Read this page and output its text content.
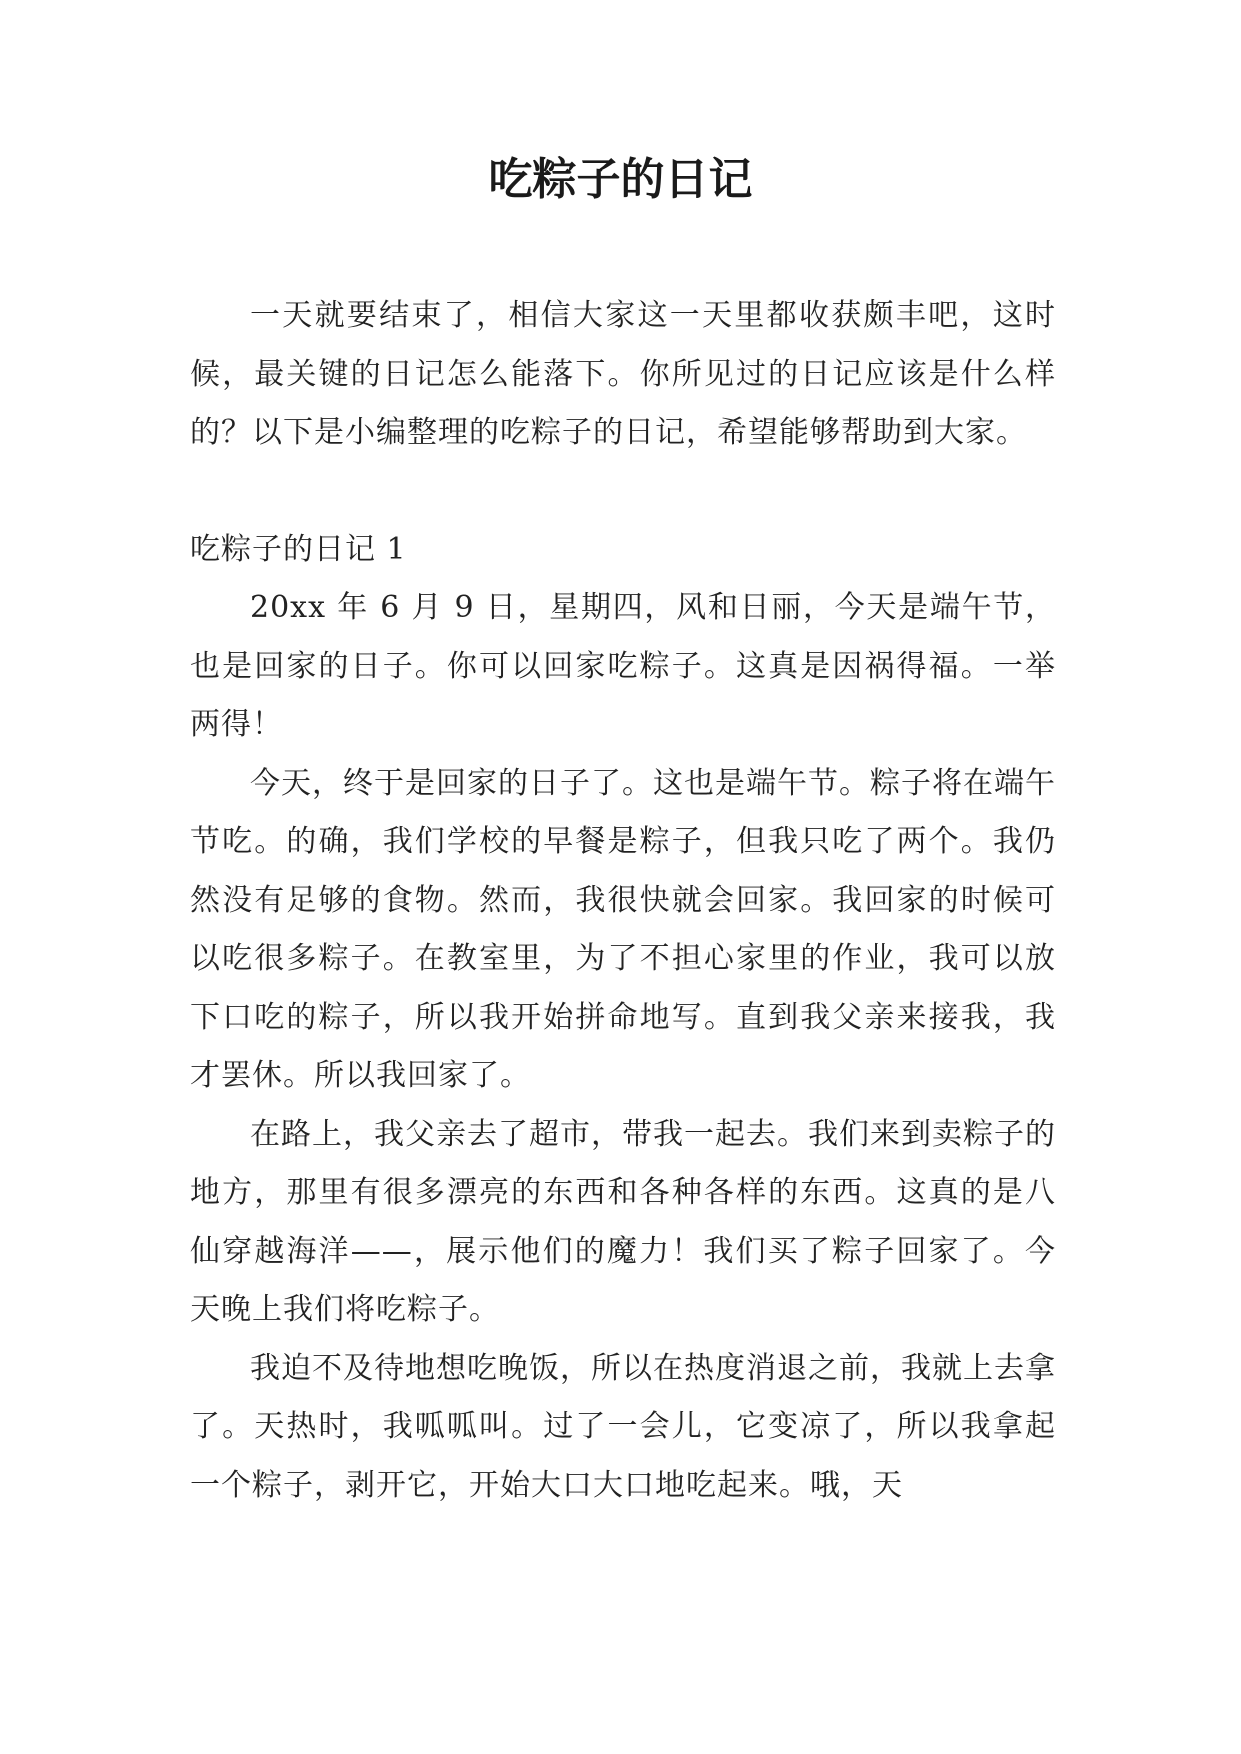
吃粽子的日记

一天就要结束了，相信大家这一天里都收获颇丰吧，这时候，最关键的日记怎么能落下。你所见过的日记应该是什么样的？以下是小编整理的吃粽子的日记，希望能够帮助到大家。

吃粽子的日记 1

20xx 年 6 月 9 日，星期四，风和日丽，今天是端午节，也是回家的日子。你可以回家吃粽子。这真是因祸得福。一举两得！

今天，终于是回家的日子了。这也是端午节。粽子将在端午节吃。的确，我们学校的早餐是粽子，但我只吃了两个。我仍然没有足够的食物。然而，我很快就会回家。我回家的时候可以吃很多粽子。在教室里，为了不担心家里的作业，我可以放下口吃的粽子，所以我开始拼命地写。直到我父亲来接我，我才罢休。所以我回家了。

在路上，我父亲去了超市，带我一起去。我们来到卖粽子的地方，那里有很多漂亮的东西和各种各样的东西。这真的是八仙穿越海洋——，展示他们的魔力！我们买了粽子回家了。今天晚上我们将吃粽子。

我迫不及待地想吃晚饭，所以在热度消退之前，我就上去拿了。天热时，我呱呱叫。过了一会儿，它变凉了，所以我拿起一个粽子，剥开它，开始大口大口地吃起来。哦，天
